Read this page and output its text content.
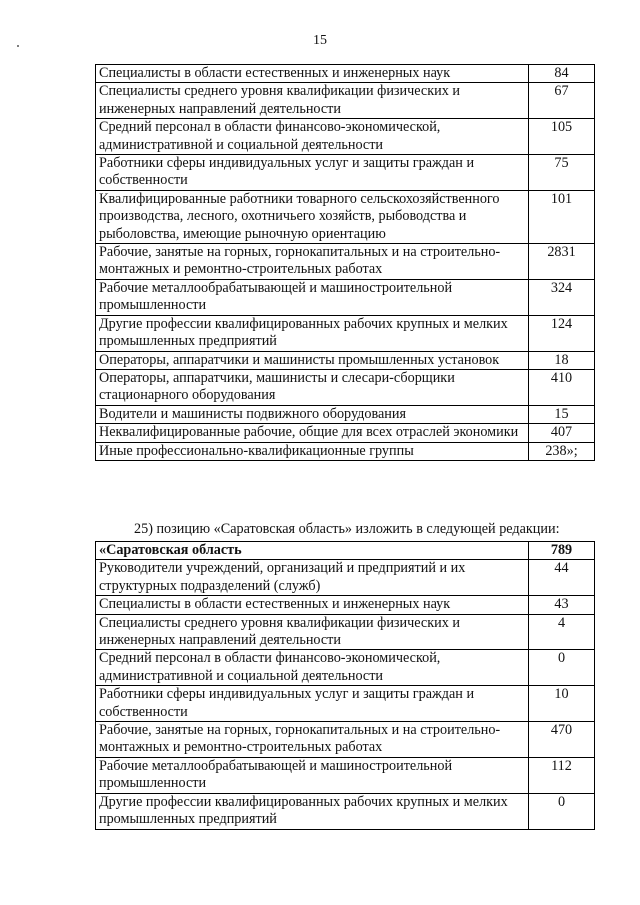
15
Специалисты в области естественных и инженерных наук	84
Специалисты среднего уровня квалификации физических и инженерных направлений деятельности	67
Средний персонал в области финансово-экономической, административной и социальной деятельности	105
Работники сферы индивидуальных услуг и защиты граждан и собственности	75
Квалифицированные работники товарного сельскохозяйственного производства, лесного, охотничьего хозяйств, рыбоводства и рыболовства, имеющие рыночную ориентацию	101
Рабочие, занятые на горных, горнокапитальных и на строительно-монтажных и ремонтно-строительных работах	2831
Рабочие металлообрабатывающей и машиностроительной промышленности	324
Другие профессии квалифицированных рабочих крупных и мелких промышленных предприятий	124
Операторы, аппаратчики и машинисты промышленных установок	18
Операторы, аппаратчики, машинисты и слесари-сборщики стационарного оборудования	410
Водители и машинисты подвижного оборудования	15
Неквалифицированные рабочие, общие для всех отраслей экономики	407
Иные профессионально-квалификационные группы	238»;
25) позицию «Саратовская область» изложить в следующей редакции:
«Саратовская область	789
Руководители учреждений, организаций и предприятий и их структурных подразделений (служб)	44
Специалисты в области естественных и инженерных наук	43
Специалисты среднего уровня квалификации физических и инженерных направлений деятельности	4
Средний персонал в области финансово-экономической, административной и социальной деятельности	0
Работники сферы индивидуальных услуг и защиты граждан и собственности	10
Рабочие, занятые на горных, горнокапитальных и на строительно-монтажных и ремонтно-строительных работах	470
Рабочие металлообрабатывающей и машиностроительной промышленности	112
Другие профессии квалифицированных рабочих крупных и мелких промышленных предприятий	0
